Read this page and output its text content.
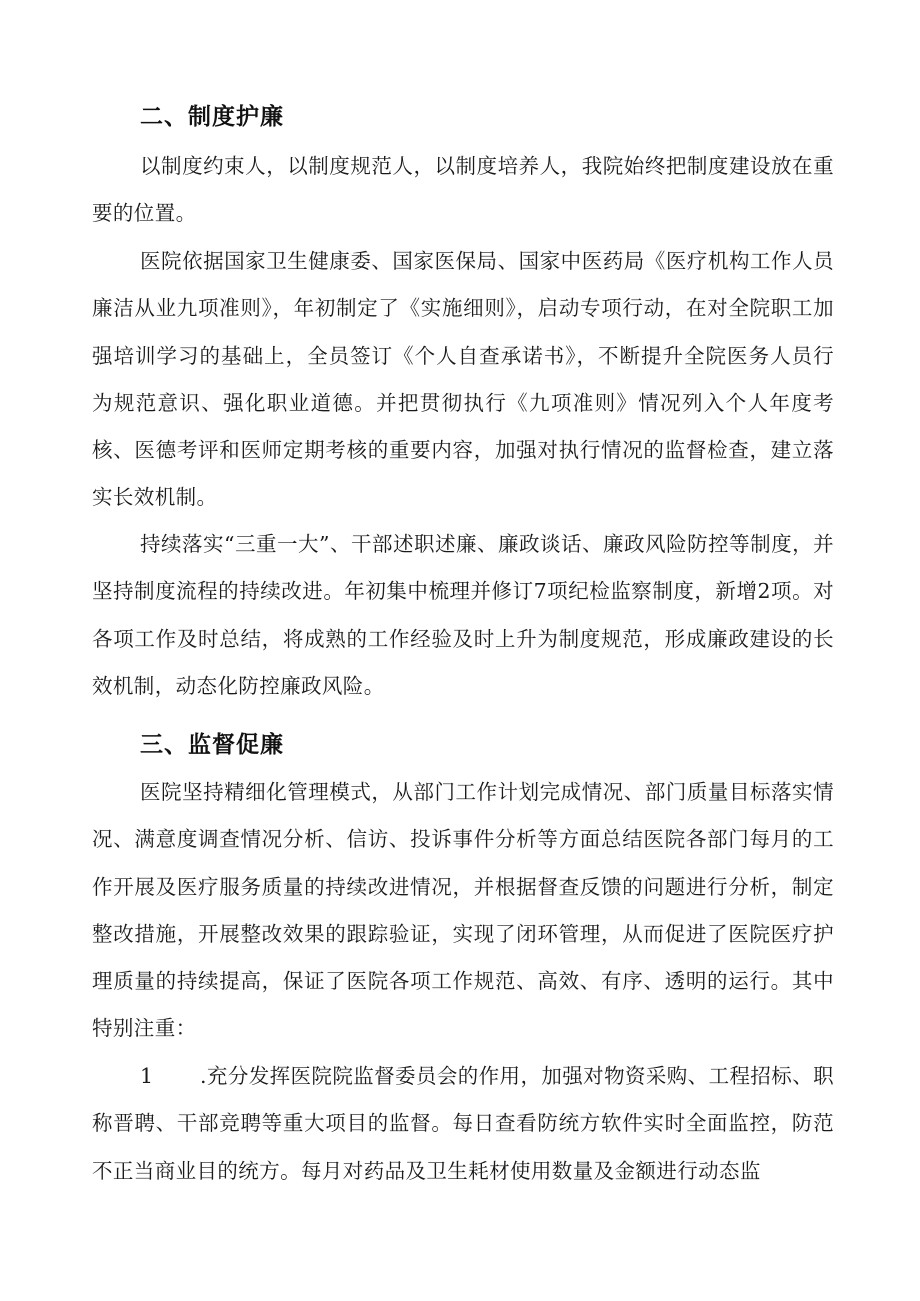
二、制度护廉
以制度约束人，以制度规范人，以制度培养人，我院始终把制度建设放在重要的位置。
医院依据国家卫生健康委、国家医保局、国家中医药局《医疗机构工作人员廉洁从业九项准则》，年初制定了《实施细则》，启动专项行动，在对全院职工加强培训学习的基础上，全员签订《个人自查承诺书》，不断提升全院医务人员行为规范意识、强化职业道德。并把贯彻执行《九项准则》情况列入个人年度考核、医德考评和医师定期考核的重要内容，加强对执行情况的监督检查，建立落实长效机制。
持续落实“三重一大”、干部述职述廉、廉政谈话、廉政风险防控等制度，并坚持制度流程的持续改进。年初集中梳理并修订7项纪检监察制度，新增2项。对各项工作及时总结，将成熟的工作经验及时上升为制度规范，形成廉政建设的长效机制，动态化防控廉政风险。
三、监督促廉
医院坚持精细化管理模式，从部门工作计划完成情况、部门质量目标落实情况、满意度调查情况分析、信访、投诉事件分析等方面总结医院各部门每月的工作开展及医疗服务质量的持续改进情况，并根据督查反馈的问题进行分析，制定整改措施，开展整改效果的跟踪验证，实现了闭环管理，从而促进了医院医疗护理质量的持续提高，保证了医院各项工作规范、高效、有序、透明的运行。其中特别注重：
1	.充分发挥医院院监督委员会的作用，加强对物资采购、工程招标、职称晋聘、干部竞聘等重大项目的监督。每日查看防统方软件实时全面监控，防范不正当商业目的统方。每月对药品及卫生耗材使用数量及金额进行动态监
